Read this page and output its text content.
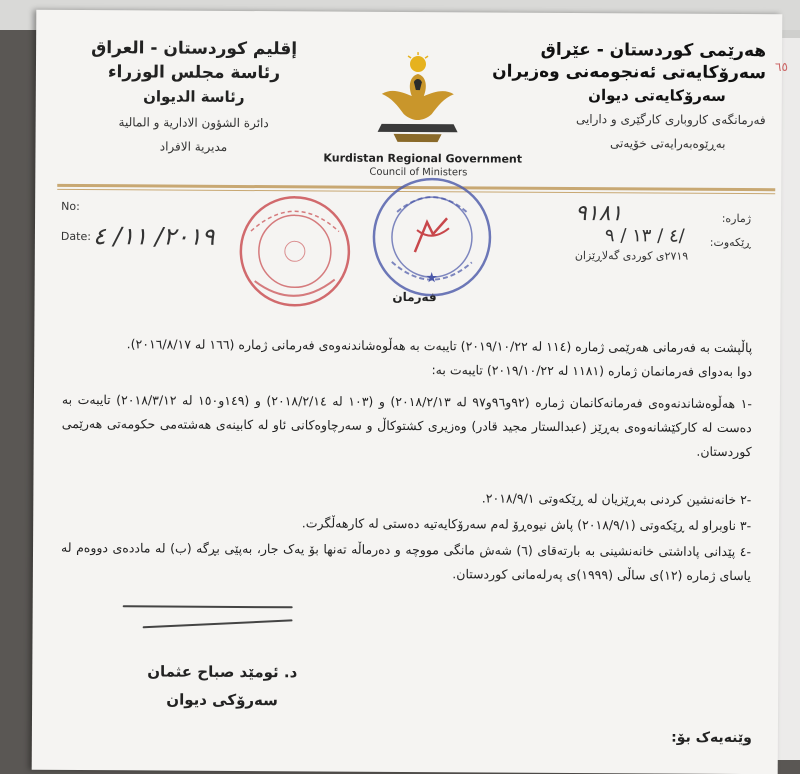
إقليم كوردستان - العراق
رئاسة مجلس الوزراء
رئاسة الديوان
دائرة الشؤون الادارية و المالية
مديرية الافراد
هەرێمی کوردستان - عێراق
سەرۆکایەتی ئەنجومەنی وەزیران
سەرۆکایەتی دیوان
فەرمانگەی کاروباری کارگێری و دارایی
بەڕێوەبەرایەتی خۆیەتی
Kurdistan Regional Government
Council of Ministers
No:
Date: ٢٠١٩/ ١١/ ٤
ژمارە:
٩١٨١
ڕێکەوت:
٤ / ١٣ / ٩/
٢٧١٩ی کوردی گەلاڕێزان
★
فەرمان
پاڵپشت بە فەرمانی هەرێمی ژمارە (١١٤ لە ٢٠١٩/١٠/٢٢) تایبەت بە هەڵوەشاندنەوەی فەرمانی ژمارە (١٦٦ لە ٢٠١٦/٨/١٧).
دوا بەدوای فەرمانمان ژمارە (١١٨١ لە ٢٠١٩/١٠/٢٢) تایبەت بە:
-١ هەڵوەشاندنەوەی فەرمانەکانمان ژمارە (٩٢و٩٦و٩٧ لە ٢٠١٨/٢/١٣) و (١٠٣ لە ٢٠١٨/٢/١٤) و (١٤٩و١٥٠ لە ٢٠١٨/٣/١٢) تایبەت بە دەست لە کارکێشانەوەی بەڕێز (عبدالستار مجید قادر) وەزیری کشتوکاڵ و سەرچاوەکانی ئاو لە کابینەی هەشتەمی حکومەتی هەرێمی کوردستان.
-٢ خانەنشین کردنی بەڕێزیان لە ڕێکەوتی ٢٠١٨/٩/١.
-٣ ناوبراو لە ڕێکەوتی (٢٠١٨/٩/١) پاش نیوەڕۆ لەم سەرۆکایەتیە دەستی لە کارهەڵگرت.
-٤ پێدانی پاداشتی خانەنشینی بە بارتەقای (٦) شەش مانگی مووچە و دەرماڵە تەنها بۆ یەک جار، بەپێی بڕگە (ب) لە ماددەی دووەم لە یاسای ژمارە (١٢)ی ساڵی (١٩٩٩)ی پەرلەمانی کوردستان.
د. ئومێد صباح عثمان
سەرۆکی دیوان
وێنەیەک بۆ:
٦٥
